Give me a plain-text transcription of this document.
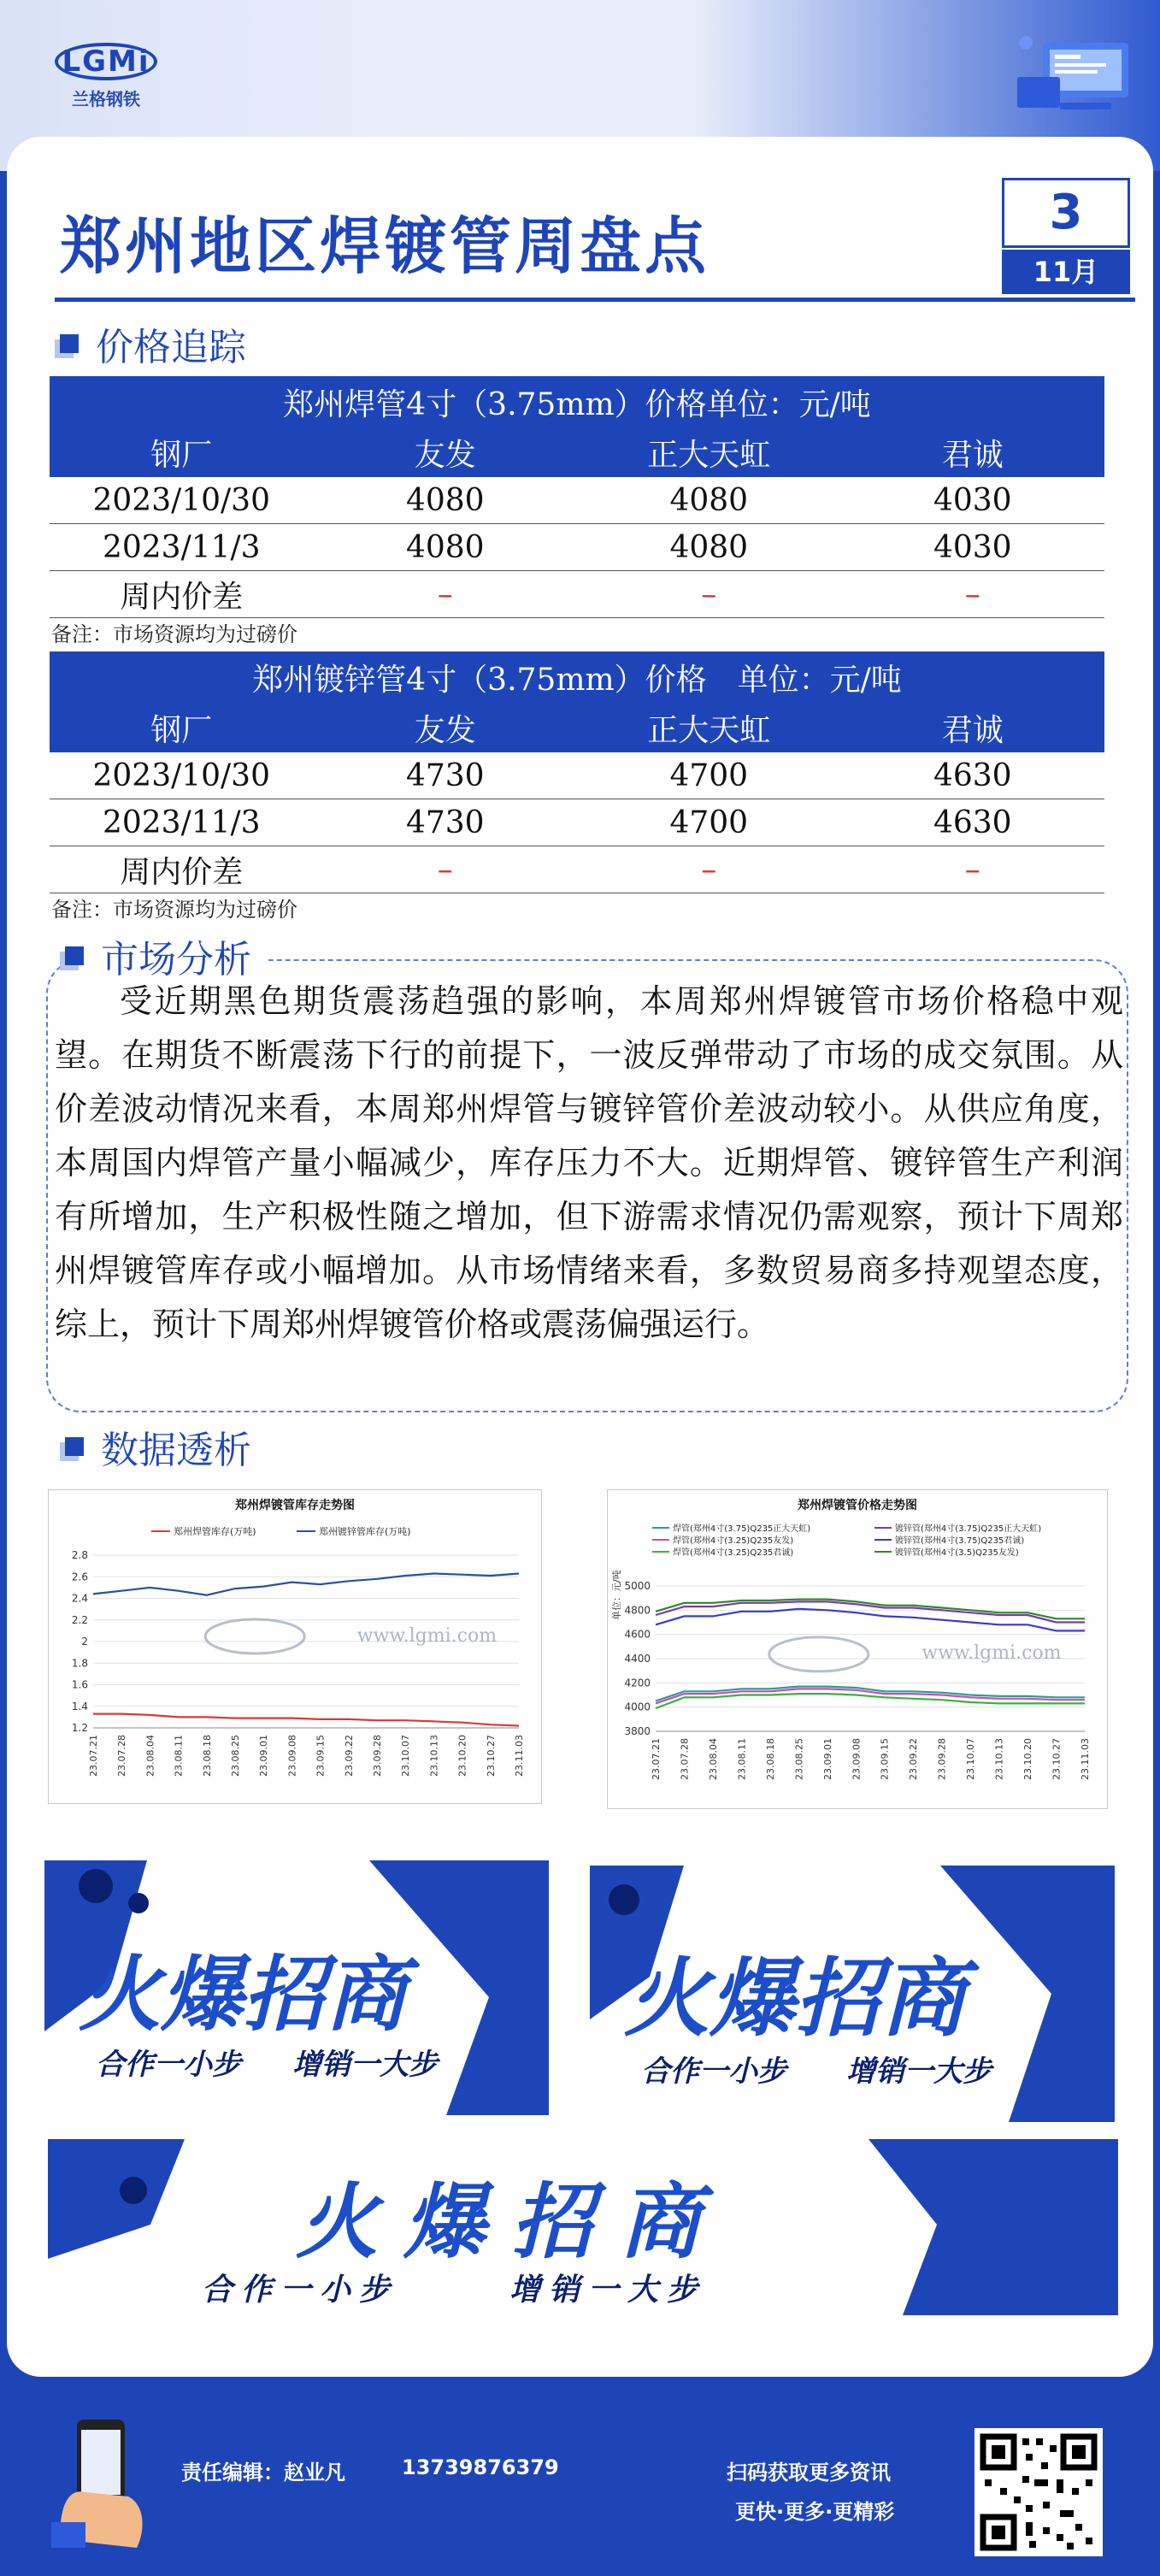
LGMi
兰格钢铁
郑州地区焊镀管周盘点	3
11月
价格追踪
郑州焊管4寸（3.75mm）价格单位：元/吨			
钢厂	友发	正大天虹	君诚
2023/10/30	4080	4080	4030
2023/11/3	4080	4080	4030
周内价差	–	–	–
备注：市场资源均为过磅价
郑州镀锌管4寸（3.75mm）价格　单位：元/吨			
钢厂	友发	正大天虹	君诚
2023/10/30	4730	4700	4630
2023/11/3	4730	4700	4630
周内价差	–	–	–
备注：市场资源均为过磅价
市场分析
受近期黑色期货震荡趋强的影响，本周郑州焊镀管市场价格稳中观望。在期货不断震荡下行的前提下，一波反弹带动了市场的成交氛围。从价差波动情况来看，本周郑州焊管与镀锌管价差波动较小。从供应角度，本周国内焊管产量小幅减少，库存压力不大。近期焊管、镀锌管生产利润有所增加，生产积极性随之增加，但下游需求情况仍需观察，预计下周郑州焊镀管库存或小幅增加。从市场情绪来看，多数贸易商多持观望态度，综上，预计下周郑州焊镀管价格或震荡偏强运行。
数据透析
郑州焊镀管库存走势图
2.8
2.6
2.4
2.2
2
1.8
1.6
1.4
1.2
23.07.21 23.07.28 23.08.04 23.08.11 23.08.18 23.08.25 23.09.01 23.09.08 23.09.15 23.09.22 23.09.28 23.10.07 23.10.13 23.10.20 23.10.27 23.11.03
www.lgmi.com
郑州焊管库存(万吨)	郑州镀锌管库存(万吨)
郑州焊镀管价格走势图
5000
4800
4600
4400
4200
4000
3800
23.07.21 23.07.28 23.08.04 23.08.11 23.08.18 23.08.25 23.09.01 23.09.08 23.09.15 23.09.22 23.09.28 23.10.07 23.10.13 23.10.20 23.10.27 23.11.03
www.lgmi.com
焊管(郑州4寸(3.75)Q235正大天虹)
焊管(郑州4寸(3.25)Q235友发)
焊管(郑州4寸(3.25)Q235君诚)
镀锌管(郑州4寸(3.75)Q235正大天虹)
镀锌管(郑州4寸(3.75)Q235君诚)
镀锌管(郑州4寸(3.5)Q235友发)
单位：元/吨
火爆招商
合作一小步 增销一大步
火爆招商
合作一小步 增销一大步
火爆招商
合作一小步	增销一大步
责任编辑：赵业凡	13739876379	扫码获取更多资讯
更快·更多·更精彩
